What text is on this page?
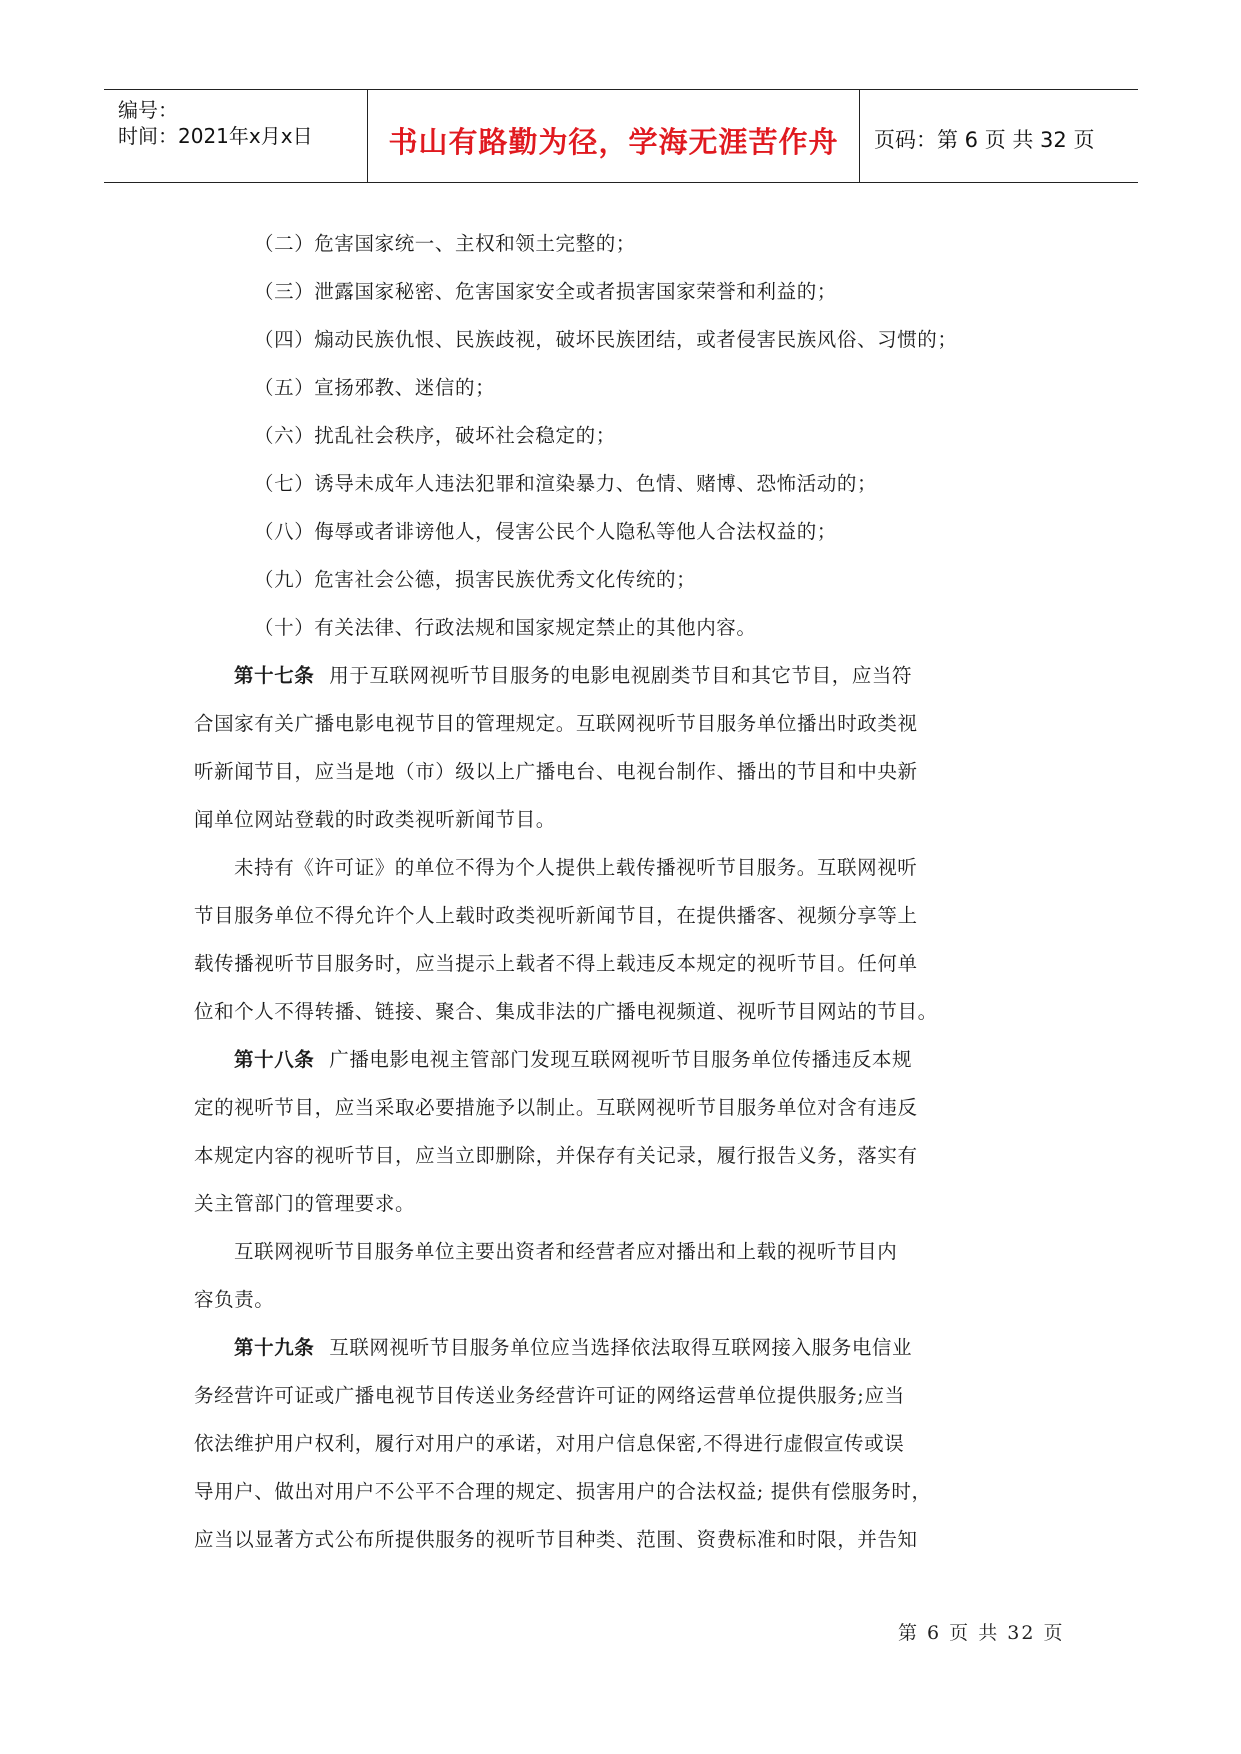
编号：
时间：2021年x月x日	书山有路勤为径，学海无涯苦作舟	页码：第 6 页 共 32 页
（二）危害国家统一、主权和领土完整的；
（三）泄露国家秘密、危害国家安全或者损害国家荣誉和利益的；
（四）煽动民族仇恨、民族歧视，破坏民族团结，或者侵害民族风俗、习惯的；
（五）宣扬邪教、迷信的；
（六）扰乱社会秩序，破坏社会稳定的；
（七）诱导未成年人违法犯罪和渲染暴力、色情、赌博、恐怖活动的；
（八）侮辱或者诽谤他人，侵害公民个人隐私等他人合法权益的；
（九）危害社会公德，损害民族优秀文化传统的；
（十）有关法律、行政法规和国家规定禁止的其他内容。
第十七条 用于互联网视听节目服务的电影电视剧类节目和其它节目，应当符
合国家有关广播电影电视节目的管理规定。互联网视听节目服务单位播出时政类视
听新闻节目，应当是地（市）级以上广播电台、电视台制作、播出的节目和中央新
闻单位网站登载的时政类视听新闻节目。
未持有《许可证》的单位不得为个人提供上载传播视听节目服务。互联网视听
节目服务单位不得允许个人上载时政类视听新闻节目，在提供播客、视频分享等上
载传播视听节目服务时，应当提示上载者不得上载违反本规定的视听节目。任何单
位和个人不得转播、链接、聚合、集成非法的广播电视频道、视听节目网站的节目。
第十八条 广播电影电视主管部门发现互联网视听节目服务单位传播违反本规
定的视听节目，应当采取必要措施予以制止。互联网视听节目服务单位对含有违反
本规定内容的视听节目，应当立即删除，并保存有关记录，履行报告义务，落实有
关主管部门的管理要求。
互联网视听节目服务单位主要出资者和经营者应对播出和上载的视听节目内
容负责。
第十九条 互联网视听节目服务单位应当选择依法取得互联网接入服务电信业
务经营许可证或广播电视节目传送业务经营许可证的网络运营单位提供服务;应当
依法维护用户权利，履行对用户的承诺，对用户信息保密,不得进行虚假宣传或误
导用户、做出对用户不公平不合理的规定、损害用户的合法权益; 提供有偿服务时，
应当以显著方式公布所提供服务的视听节目种类、范围、资费标准和时限，并告知
第 6 页 共 32 页
